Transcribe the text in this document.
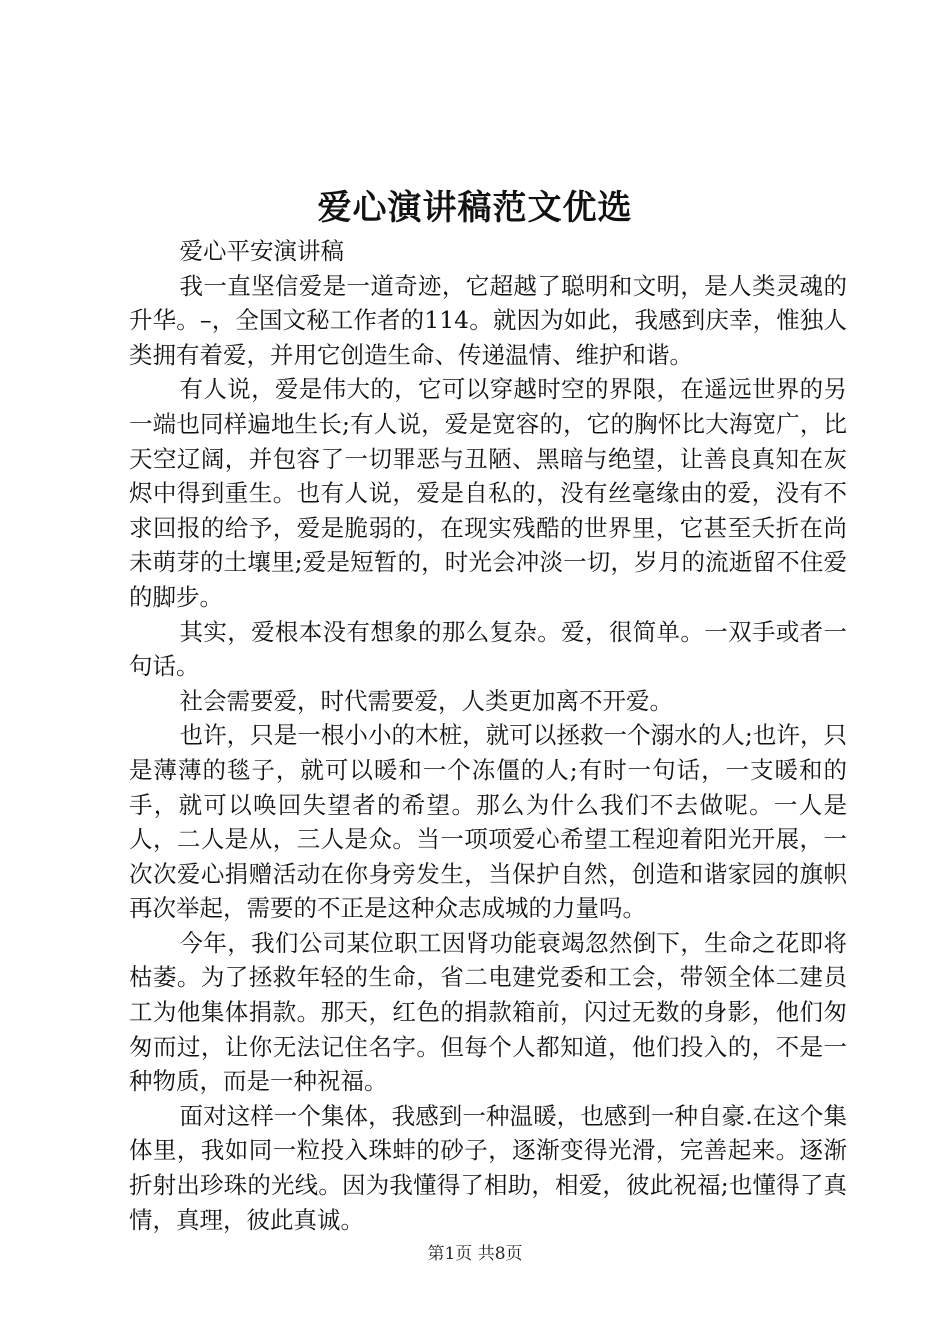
爱心演讲稿范文优选

爱心平安演讲稿

我一直坚信爱是一道奇迹，它超越了聪明和文明，是人类灵魂的升华。–，全国文秘工作者的114。就因为如此，我感到庆幸，惟独人类拥有着爱，并用它创造生命、传递温情、维护和谐。

有人说，爱是伟大的，它可以穿越时空的界限，在遥远世界的另一端也同样遍地生长;有人说，爱是宽容的，它的胸怀比大海宽广，比天空辽阔，并包容了一切罪恶与丑陋、黑暗与绝望，让善良真知在灰烬中得到重生。也有人说，爱是自私的，没有丝毫缘由的爱，没有不求回报的给予，爱是脆弱的，在现实残酷的世界里，它甚至夭折在尚未萌芽的土壤里;爱是短暂的，时光会冲淡一切，岁月的流逝留不住爱的脚步。

其实，爱根本没有想象的那么复杂。爱，很简单。一双手或者一句话。

社会需要爱，时代需要爱，人类更加离不开爱。

也许，只是一根小小的木桩，就可以拯救一个溺水的人;也许，只是薄薄的毯子，就可以暖和一个冻僵的人;有时一句话，一支暖和的手，就可以唤回失望者的希望。那么为什么我们不去做呢。一人是人，二人是从，三人是众。当一项项爱心希望工程迎着阳光开展，一次次爱心捐赠活动在你身旁发生，当保护自然，创造和谐家园的旗帜再次举起，需要的不正是这种众志成城的力量吗。

今年，我们公司某位职工因肾功能衰竭忽然倒下，生命之花即将枯萎。为了拯救年轻的生命，省二电建党委和工会，带领全体二建员工为他集体捐款。那天，红色的捐款箱前，闪过无数的身影，他们匆匆而过，让你无法记住名字。但每个人都知道，他们投入的，不是一种物质，而是一种祝福。

面对这样一个集体，我感到一种温暖，也感到一种自豪.在这个集体里，我如同一粒投入珠蚌的砂子，逐渐变得光滑，完善起来。逐渐折射出珍珠的光线。因为我懂得了相助，相爱，彼此祝福;也懂得了真情，真理，彼此真诚。

第1页 共8页
